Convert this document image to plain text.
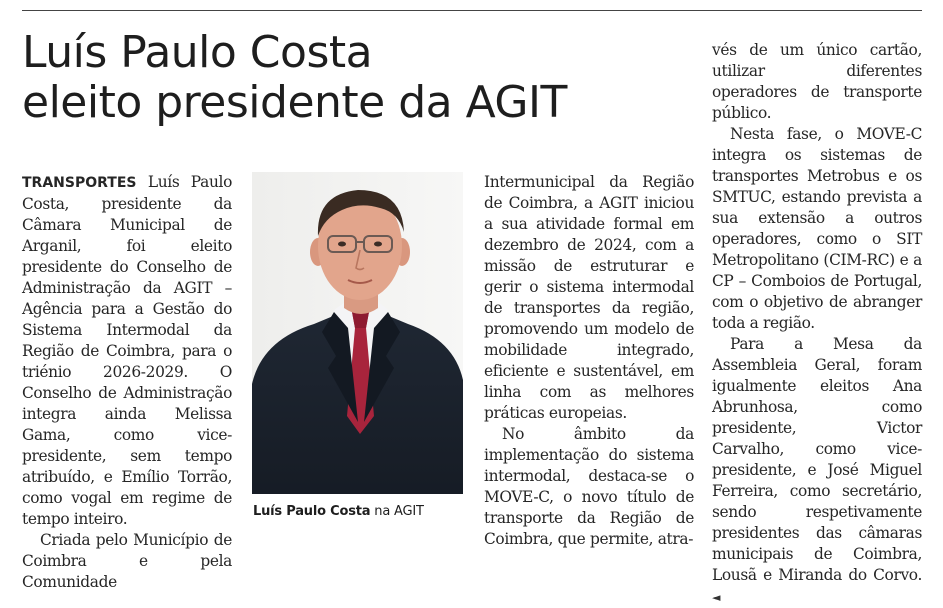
Luís Paulo Costa
eleito presidente da AGIT

TRANSPORTES Luís Paulo Costa, presidente da Câmara Municipal de Arganil, foi eleito presidente do Conselho de Administração da AGIT – Agência para a Gestão do Sistema Intermodal da Região de Coimbra, para o triénio 2026-2029. O Conselho de Administração integra ainda Melissa Gama, como vice-presidente, sem tempo atribuído, e Emílio Torrão, como vogal em regime de tempo inteiro.

Criada pelo Município de Coimbra e pela Comunidade

Luís Paulo Costa na AGIT

Intermunicipal da Região de Coimbra, a AGIT iniciou a sua atividade formal em dezembro de 2024, com a missão de estruturar e gerir o sistema intermodal de transportes da região, promovendo um modelo de mobilidade integrado, eficiente e sustentável, em linha com as melhores práticas europeias.

No âmbito da implementação do sistema intermodal, destaca-se o MOVE-C, o novo título de transporte da Região de Coimbra, que permite, atra-

vés de um único cartão, utilizar diferentes operadores de transporte público.

Nesta fase, o MOVE-C integra os sistemas de transportes Metrobus e os SMTUC, estando prevista a sua extensão a outros operadores, como o SIT Metropolitano (CIM-RC) e a CP – Comboios de Portugal, com o objetivo de abranger toda a região.

Para a Mesa da Assembleia Geral, foram igualmente eleitos Ana Abrunhosa, como presidente, Victor Carvalho, como vice-presidente, e José Miguel Ferreira, como secretário, sendo respetivamente presidentes das câmaras municipais de Coimbra, Lousã e Miranda do Corvo. ◄
